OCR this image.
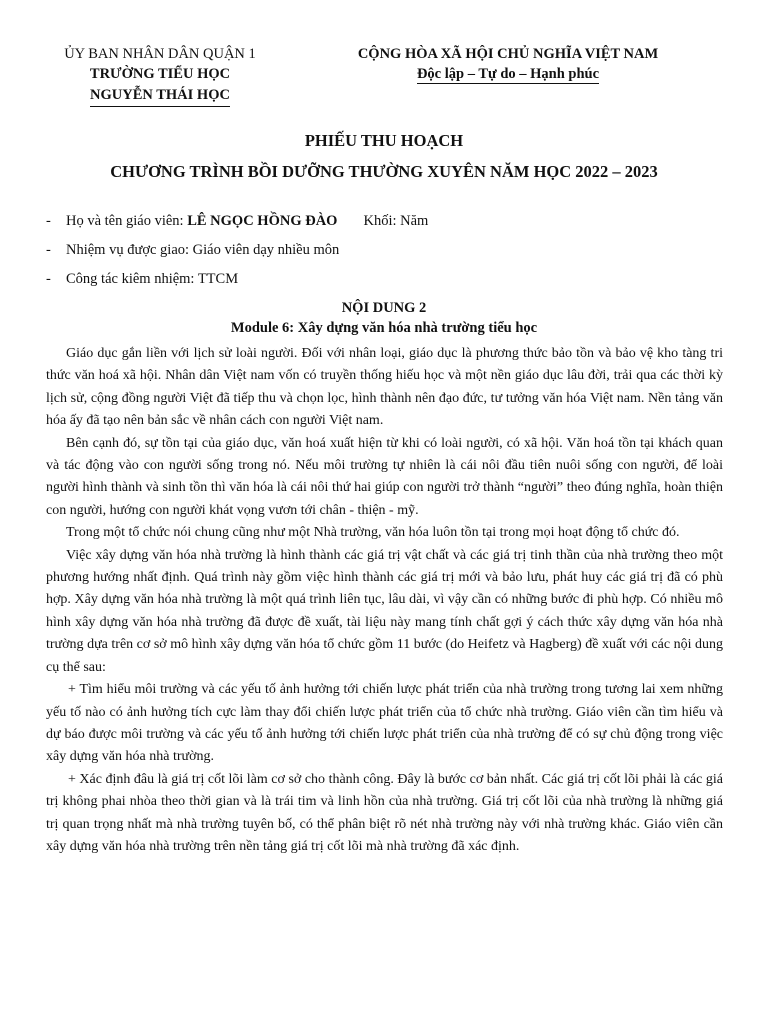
ỦY BAN NHÂN DÂN QUẬN 1
TRƯỜNG TIỂU HỌC
NGUYỄN THÁI HỌC
CỘNG HÒA XÃ HỘI CHỦ NGHĨA VIỆT NAM
Độc lập – Tự do – Hạnh phúc
PHIẾU THU HOẠCH
CHƯƠNG TRÌNH BỒI DƯỠNG THƯỜNG XUYÊN NĂM HỌC 2022 – 2023
- Họ và tên giáo viên: LÊ NGỌC HỒNG ĐÀO Khối: Năm
- Nhiệm vụ được giao: Giáo viên dạy nhiều môn
- Công tác kiêm nhiệm: TTCM
NỘI DUNG 2
Module 6: Xây dựng văn hóa nhà trường tiểu học

Giáo dục gắn liền với lịch sử loài người. Đối với nhân loại, giáo dục là phương thức bảo tồn và bảo vệ kho tàng tri thức văn hoá xã hội. Nhân dân Việt nam vốn có truyền thống hiếu học và một nền giáo dục lâu đời, trải qua các thời kỳ lịch sử, cộng đồng người Việt đã tiếp thu và chọn lọc, hình thành nên đạo đức, tư tưởng văn hóa Việt nam. Nền tảng văn hóa ấy đã tạo nên bản sắc về nhân cách con người Việt nam.

Bên cạnh đó, sự tồn tại của giáo dục, văn hoá xuất hiện từ khi có loài người, có xã hội. Văn hoá tồn tại khách quan và tác động vào con người sống trong nó. Nếu môi trường tự nhiên là cái nôi đầu tiên nuôi sống con người, để loài người hình thành và sinh tồn thì văn hóa là cái nôi thứ hai giúp con người trở thành “người” theo đúng nghĩa, hoàn thiện con người, hướng con người khát vọng vươn tới chân - thiện - mỹ.

Trong một tổ chức nói chung cũng như một Nhà trường, văn hóa luôn tồn tại trong mọi hoạt động tổ chức đó.

Việc xây dựng văn hóa nhà trường là hình thành các giá trị vật chất và các giá trị tinh thần của nhà trường theo một phương hướng nhất định. Quá trình này gồm việc hình thành các giá trị mới và bảo lưu, phát huy các giá trị đã có phù hợp. Xây dựng văn hóa nhà trường là một quá trình liên tục, lâu dài, vì vậy cần có những bước đi phù hợp. Có nhiều mô hình xây dựng văn hóa nhà trường đã được đề xuất, tài liệu này mang tính chất gợi ý cách thức xây dựng văn hóa nhà trường dựa trên cơ sở mô hình xây dựng văn hóa tổ chức gồm 11 bước (do Heifetz và Hagberg) đề xuất với các nội dung cụ thể sau:

+ Tìm hiểu môi trường và các yếu tố ảnh hưởng tới chiến lược phát triển của nhà trường trong tương lai xem những yếu tố nào có ảnh hưởng tích cực làm thay đổi chiến lược phát triển của tổ chức nhà trường. Giáo viên cần tìm hiểu và dự báo được môi trường và các yếu tố ảnh hưởng tới chiến lược phát triển của nhà trường để có sự chủ động trong việc xây dựng văn hóa nhà trường.

+ Xác định đâu là giá trị cốt lõi làm cơ sở cho thành công. Đây là bước cơ bản nhất. Các giá trị cốt lõi phải là các giá trị không phai nhòa theo thời gian và là trái tim và linh hồn của nhà trường. Giá trị cốt lõi của nhà trường là những giá trị quan trọng nhất mà nhà trường tuyên bố, có thể phân biệt rõ nét nhà trường này với nhà trường khác. Giáo viên cần xây dựng văn hóa nhà trường trên nền tảng giá trị cốt lõi mà nhà trường đã xác định.
